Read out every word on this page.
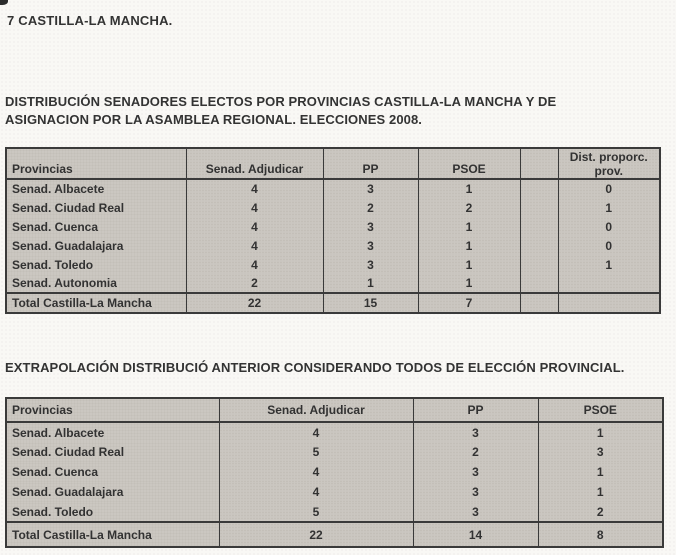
7 CASTILLA-LA MANCHA.
DISTRIBUCIÓN SENADORES ELECTOS POR PROVINCIAS CASTILLA-LA MANCHA Y DE
ASIGNACION POR LA ASAMBLEA REGIONAL. ELECCIONES 2008.
Provincias	Senad. Adjudicar	PP	PSOE		Dist. proporc. prov.
Senad. Albacete	4	3	1		0
Senad. Ciudad Real	4	2	2		1
Senad. Cuenca	4	3	1		0
Senad. Guadalajara	4	3	1		0
Senad. Toledo	4	3	1		1
Senad. Autonomia	2	1	1		
Total Castilla-La Mancha	22	15	7		
EXTRAPOLACIÓN DISTRIBUCIÓ ANTERIOR CONSIDERANDO TODOS DE ELECCIÓN PROVINCIAL.
Provincias	Senad. Adjudicar	PP	PSOE
Senad. Albacete	4	3	1
Senad. Ciudad Real	5	2	3
Senad. Cuenca	4	3	1
Senad. Guadalajara	4	3	1
Senad. Toledo	5	3	2
Total Castilla-La Mancha	22	14	8
